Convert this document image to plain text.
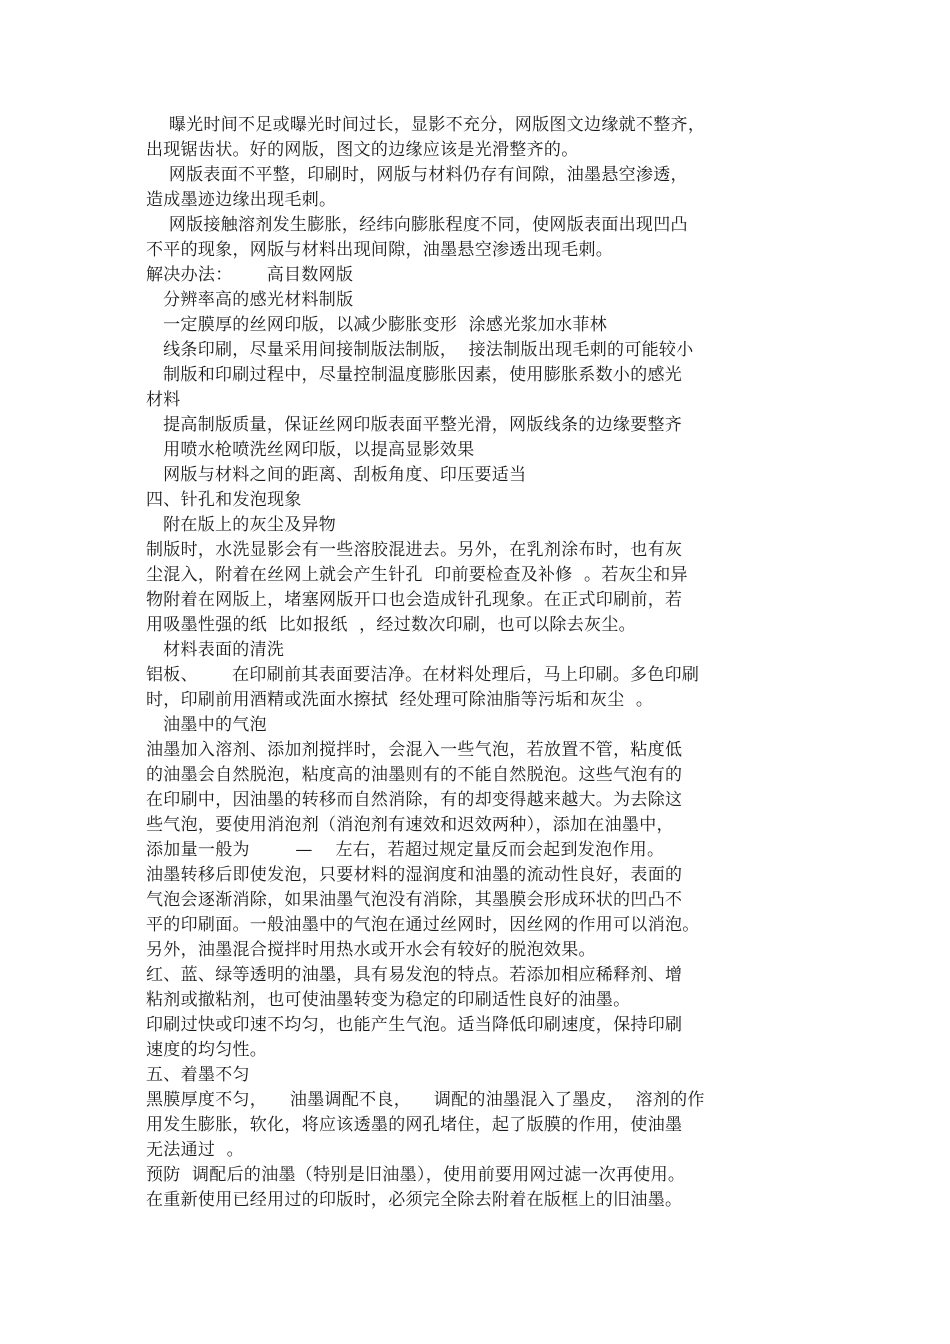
曝光时间不足或曝光时间过长，显影不充分，网版图文边缘就不整齐，
出现锯齿状。好的网版，图文的边缘应该是光滑整齐的。
网版表面不平整，印刷时，网版与材料仍存有间隙，油墨悬空渗透，
造成墨迹边缘出现毛刺。
网版接触溶剂发生膨胀，经纬向膨胀程度不同，使网版表面出现凹凸
不平的现象，网版与材料出现间隙，油墨悬空渗透出现毛刺。
解决办法：      高目数网版
分辨率高的感光材料制版
一定膜厚的丝网印版，以减少膨胀变形  涂感光浆加水菲林
线条印刷，尽量采用间接制版法制版，  接法制版出现毛刺的可能较小
制版和印刷过程中，尽量控制温度膨胀因素，使用膨胀系数小的感光
材料
提高制版质量，保证丝网印版表面平整光滑，网版线条的边缘要整齐
用喷水枪喷洗丝网印版，以提高显影效果
网版与材料之间的距离、刮板角度、印压要适当
四、针孔和发泡现象
附在版上的灰尘及异物
制版时，水洗显影会有一些溶胶混进去。另外，在乳剂涂布时，也有灰
尘混入，附着在丝网上就会产生针孔  印前要检查及补修  。若灰尘和异
物附着在网版上，堵塞网版开口也会造成针孔现象。在正式印刷前，若
用吸墨性强的纸  比如报纸  ，经过数次印刷，也可以除去灰尘。
材料表面的清洗
铝板、      在印刷前其表面要洁净。在材料处理后，马上印刷。多色印刷
时，印刷前用酒精或洗面水擦拭  经处理可除油脂等污垢和灰尘  。
油墨中的气泡
油墨加入溶剂、添加剂搅拌时，会混入一些气泡，若放置不管，粘度低
的油墨会自然脱泡，粘度高的油墨则有的不能自然脱泡。这些气泡有的
在印刷中，因油墨的转移而自然消除，有的却变得越来越大。为去除这
些气泡，要使用消泡剂（消泡剂有速效和迟效两种），添加在油墨中，
添加量一般为        —    左右，若超过规定量反而会起到发泡作用。
油墨转移后即使发泡，只要材料的湿润度和油墨的流动性良好，表面的
气泡会逐渐消除，如果油墨气泡没有消除，其墨膜会形成环状的凹凸不
平的印刷面。一般油墨中的气泡在通过丝网时，因丝网的作用可以消泡。
另外，油墨混合搅拌时用热水或开水会有较好的脱泡效果。
红、蓝、绿等透明的油墨，具有易发泡的特点。若添加相应稀释剂、增
粘剂或撤粘剂，也可使油墨转变为稳定的印刷适性良好的油墨。
印刷过快或印速不均匀，也能产生气泡。适当降低印刷速度，保持印刷
速度的均匀性。
五、着墨不匀
黑膜厚度不匀，    油墨调配不良，    调配的油墨混入了墨皮，  溶剂的作
用发生膨胀，软化，将应该透墨的网孔堵住，起了版膜的作用，使油墨
无法通过  。
预防  调配后的油墨（特别是旧油墨），使用前要用网过滤一次再使用。
在重新使用已经用过的印版时，必须完全除去附着在版框上的旧油墨。
